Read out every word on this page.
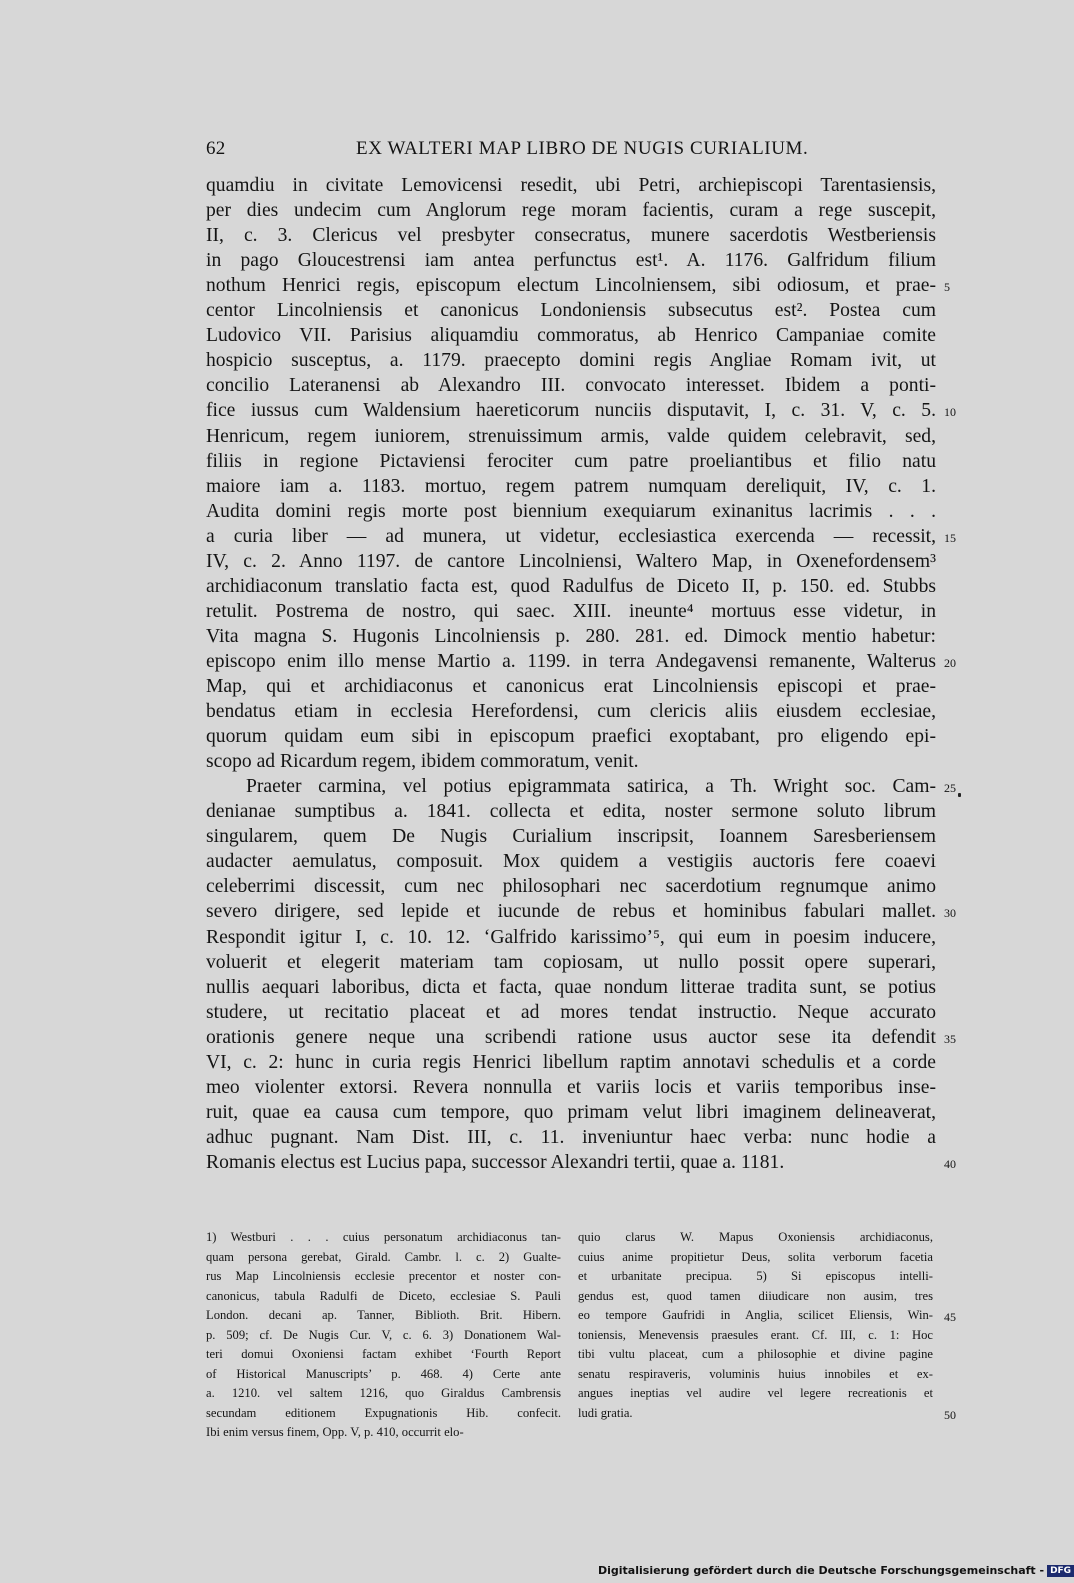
62	EX WALTERI MAP LIBRO DE NUGIS CURIALIUM.
quamdiu in civitate Lemovicensi resedit, ubi Petri, archiepiscopi Tarentasiensis,
per dies undecim cum Anglorum rege moram facientis, curam a rege suscepit,
II, c. 3. Clericus vel presbyter consecratus, munere sacerdotis Westberiensis
in pago Gloucestrensi iam antea perfunctus est¹. A. 1176. Galfridum filium
nothum Henrici regis, episcopum electum Lincolniensem, sibi odiosum, et prae-
centor Lincolniensis et canonicus Londoniensis subsecutus est². Postea cum
Ludovico VII. Parisius aliquamdiu commoratus, ab Henrico Campaniae comite
hospicio susceptus, a. 1179. praecepto domini regis Angliae Romam ivit, ut
concilio Lateranensi ab Alexandro III. convocato interesset. Ibidem a ponti-
fice iussus cum Waldensium haereticorum nunciis disputavit, I, c. 31. V, c. 5.
Henricum, regem iuniorem, strenuissimum armis, valde quidem celebravit, sed,
filiis in regione Pictaviensi ferociter cum patre proeliantibus et filio natu
maiore iam a. 1183. mortuo, regem patrem numquam dereliquit, IV, c. 1.
Audita domini regis morte post biennium exequiarum exinanitus lacrimis . . .
a curia liber — ad munera, ut videtur, ecclesiastica exercenda — recessit,
IV, c. 2. Anno 1197. de cantore Lincolniensi, Waltero Map, in Oxenefordensem³
archidiaconum translatio facta est, quod Radulfus de Diceto II, p. 150. ed. Stubbs
retulit. Postrema de nostro, qui saec. XIII. ineunte⁴ mortuus esse videtur, in
Vita magna S. Hugonis Lincolniensis p. 280. 281. ed. Dimock mentio habetur:
episcopo enim illo mense Martio a. 1199. in terra Andegavensi remanente, Walterus
Map, qui et archidiaconus et canonicus erat Lincolniensis episcopi et prae-
bendatus etiam in ecclesia Herefordensi, cum clericis aliis eiusdem ecclesiae,
quorum quidam eum sibi in episcopum praefici exoptabant, pro eligendo epi-
scopo ad Ricardum regem, ibidem commoratum, venit.
Praeter carmina, vel potius epigrammata satirica, a Th. Wright soc. Cam-
denianae sumptibus a. 1841. collecta et edita, noster sermone soluto librum
singularem, quem De Nugis Curialium inscripsit, Ioannem Saresberiensem
audacter aemulatus, composuit. Mox quidem a vestigiis auctoris fere coaevi
celeberrimi discessit, cum nec philosophari nec sacerdotium regnumque animo
severo dirigere, sed lepide et iucunde de rebus et hominibus fabulari mallet.
Respondit igitur I, c. 10. 12. ‘Galfrido karissimo’⁵, qui eum in poesim inducere,
voluerit et elegerit materiam tam copiosam, ut nullo possit opere superari,
nullis aequari laboribus, dicta et facta, quae nondum litterae tradita sunt, se potius
studere, ut recitatio placeat et ad mores tendat instructio. Neque accurato
orationis genere neque una scribendi ratione usus auctor sese ita defendit
VI, c. 2: hunc in curia regis Henrici libellum raptim annotavi schedulis et a corde
meo violenter extorsi. Revera nonnulla et variis locis et variis temporibus inse-
ruit, quae ea causa cum tempore, quo primam velut libri imaginem delineaverat,
adhuc pugnant. Nam Dist. III, c. 11. inveniuntur haec verba: nunc hodie a
Romanis electus est Lucius papa, successor Alexandri tertii, quae a. 1181.
5
10
15
20
25
30
35
40
1) Westburi . . . cuius personatum archidiaconus tan-
quam persona gerebat, Girald. Cambr. l. c. 2) Gualte-
rus Map Lincolniensis ecclesie precentor et noster con-
canonicus, tabula Radulfi de Diceto, ecclesiae S. Pauli
London. decani ap. Tanner, Biblioth. Brit. Hibern.
p. 509; cf. De Nugis Cur. V, c. 6. 3) Donationem Wal-
teri domui Oxoniensi factam exhibet ‘Fourth Report
of Historical Manuscripts’ p. 468. 4) Certe ante
a. 1210. vel saltem 1216, quo Giraldus Cambrensis
secundam editionem Expugnationis Hib. confecit.
Ibi enim versus finem, Opp. V, p. 410, occurrit elo-
quio clarus W. Mapus Oxoniensis archidiaconus,
cuius anime propitietur Deus, solita verborum facetia
et urbanitate precipua. 5) Si episcopus intelli-
gendus est, quod tamen diiudicare non ausim, tres
eo tempore Gaufridi in Anglia, scilicet Eliensis, Win-
toniensis, Menevensis praesules erant. Cf. III, c. 1: Hoc
tibi vultu placeat, cum a philosophie et divine pagine
senatu respiraveris, voluminis huius innobiles et ex-
angues ineptias vel audire vel legere recreationis et
ludi gratia.
45
50
Digitalisierung gefördert durch die Deutsche Forschungsgemeinschaft - DFG
